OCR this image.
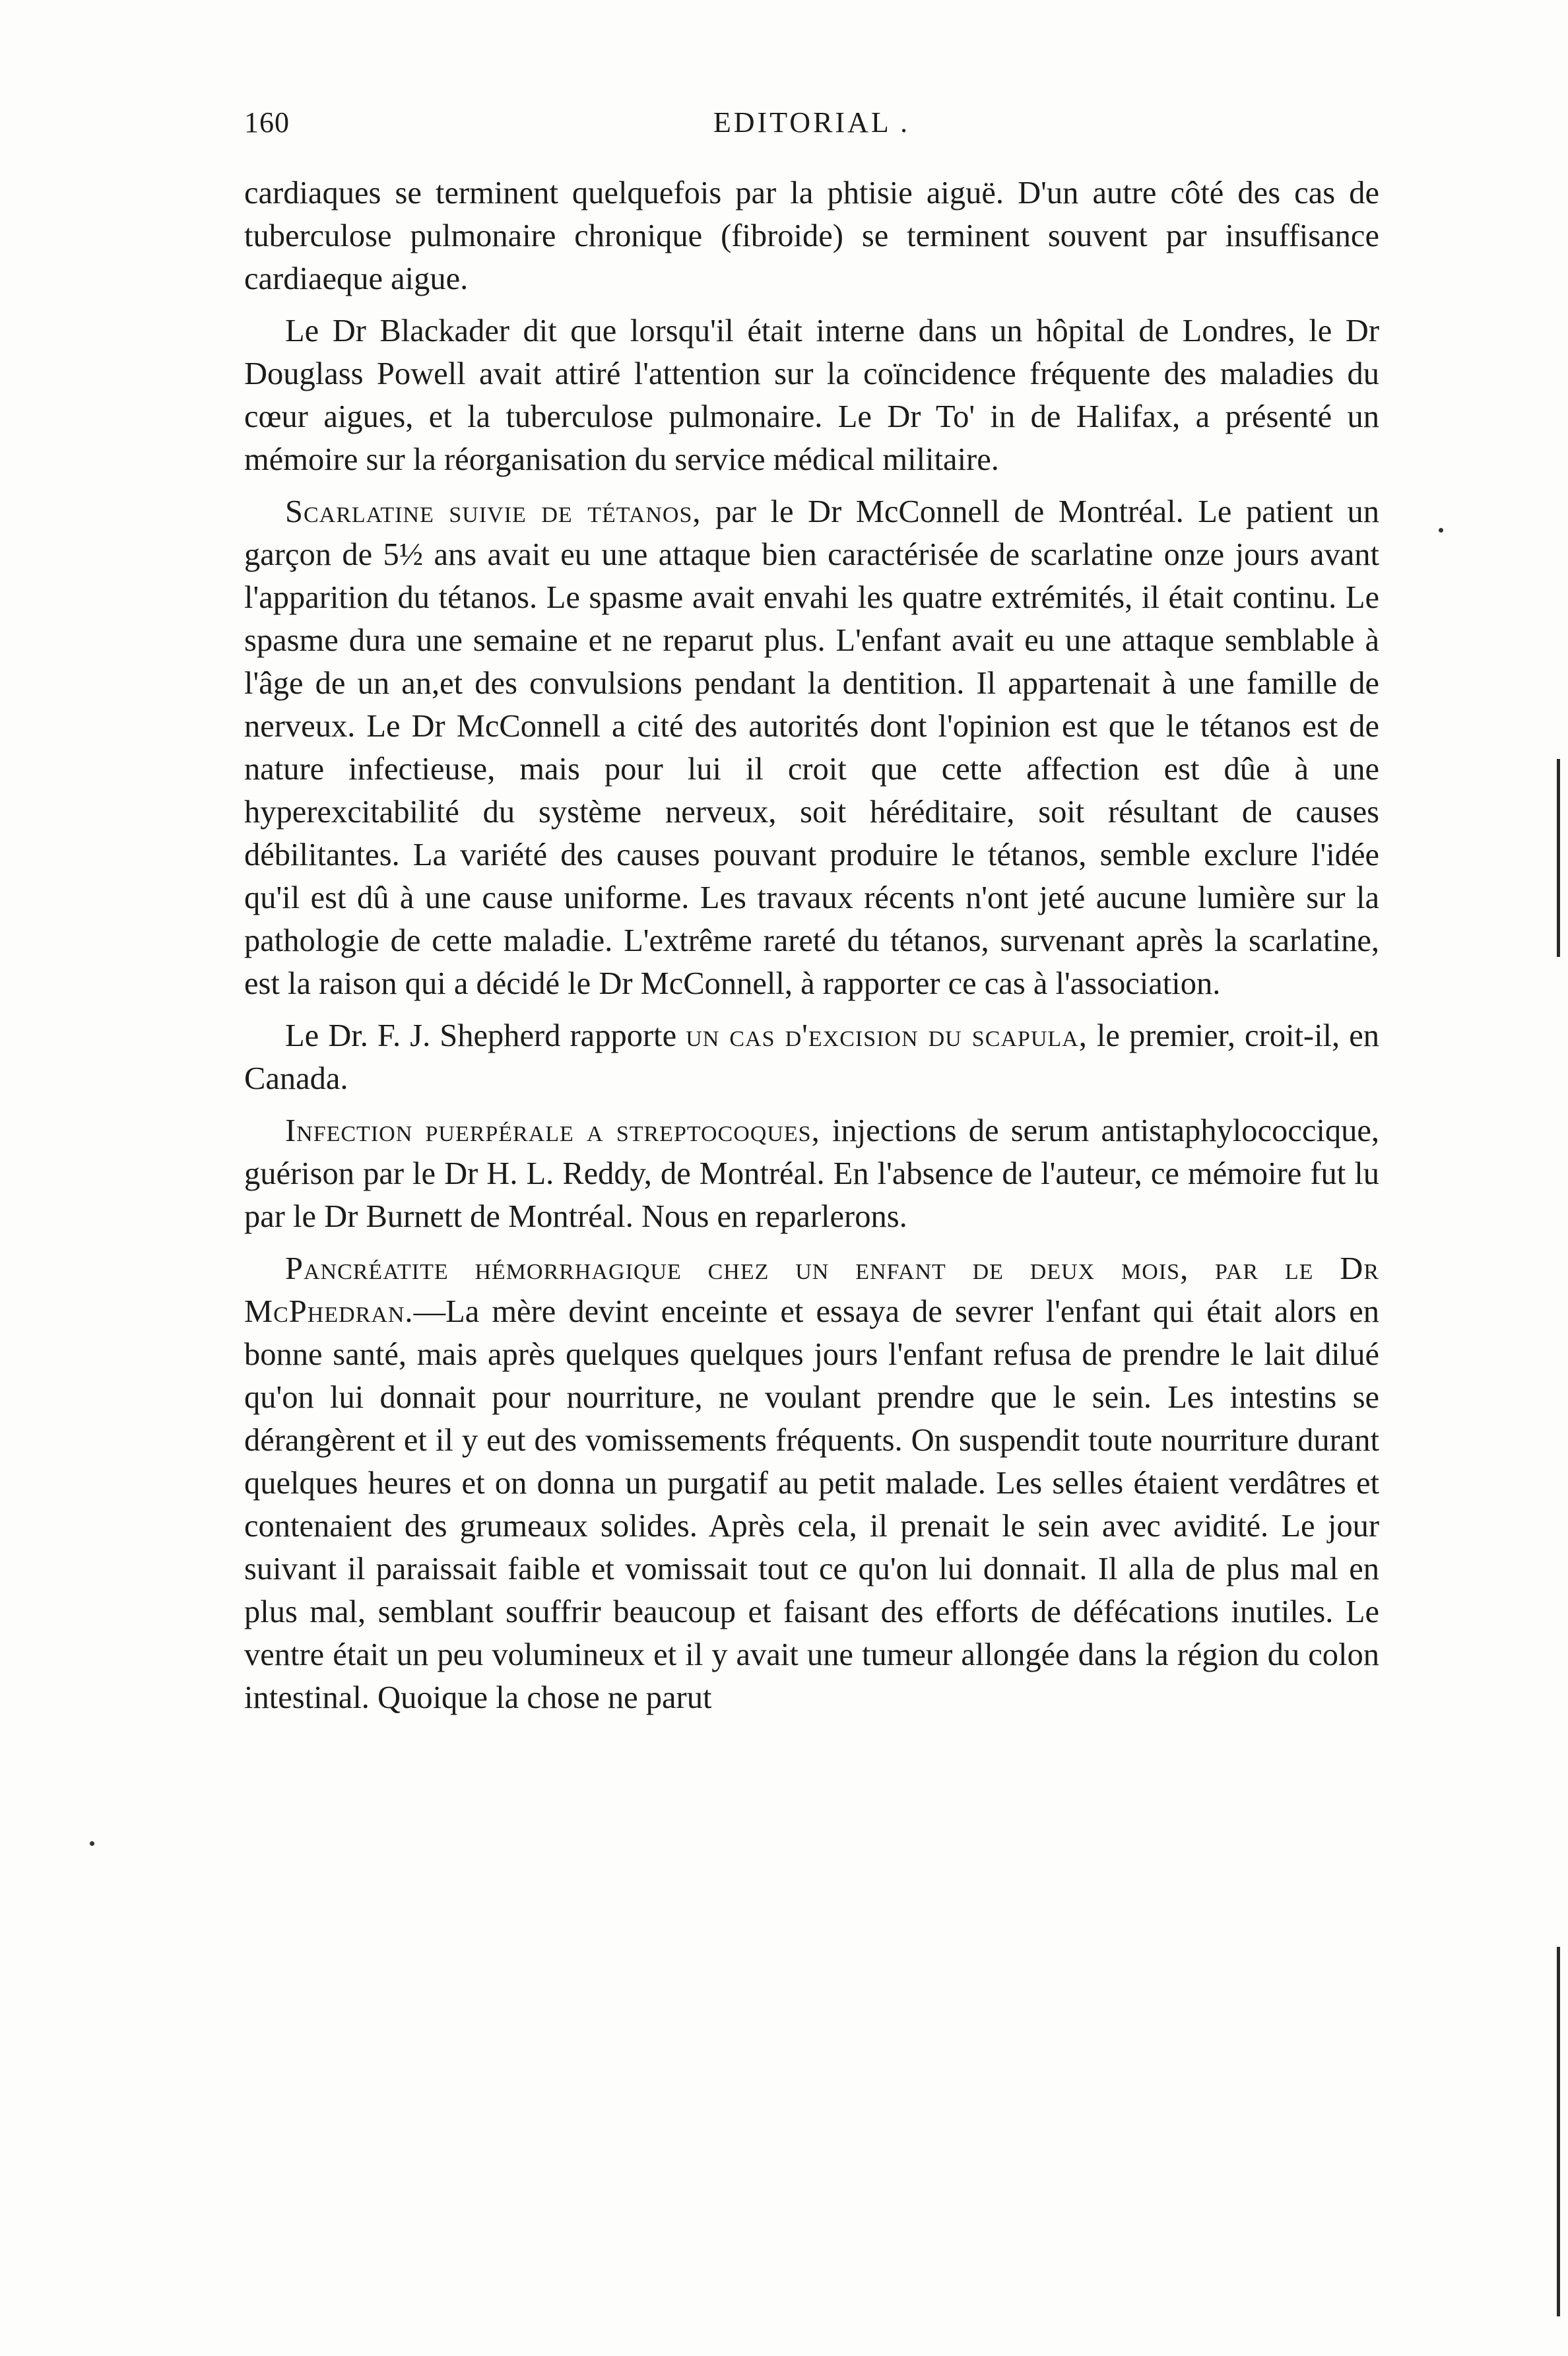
160	EDITORIAL .

cardiaques se terminent quelquefois par la phtisie aiguë. D'un autre côté des cas de tuberculose pulmonaire chronique (fibroide) se terminent souvent par insuffisance cardiaeque aigue.

Le Dr Blackader dit que lorsqu'il était interne dans un hôpital de Londres, le Dr Douglass Powell avait attiré l'attention sur la coïncidence fréquente des maladies du cœur aigues, et la tuberculose pulmonaire. Le Dr To' in de Halifax, a présenté un mémoire sur la réorganisation du service médical militaire.

Scarlatine suivie de tétanos, par le Dr McConnell de Montréal. Le patient un garçon de 5½ ans avait eu une attaque bien caractérisée de scarlatine onze jours avant l'apparition du tétanos. Le spasme avait envahi les quatre extrémités, il était continu. Le spasme dura une semaine et ne reparut plus. L'enfant avait eu une attaque semblable à l'âge de un an,et des convulsions pendant la dentition. Il appartenait à une famille de nerveux. Le Dr McConnell a cité des autorités dont l'opinion est que le tétanos est de nature infectieuse, mais pour lui il croit que cette affection est dûe à une hyperexcitabilité du système nerveux, soit héréditaire, soit résultant de causes débilitantes. La variété des causes pouvant produire le tétanos, semble exclure l'idée qu'il est dû à une cause uniforme. Les travaux récents n'ont jeté aucune lumière sur la pathologie de cette maladie. L'extrême rareté du tétanos, survenant après la scarlatine, est la raison qui a décidé le Dr McConnell, à rapporter ce cas à l'association.

Le Dr. F. J. Shepherd rapporte un cas d'excision du scapula, le premier, croit-il, en Canada.

Infection puerpérale a streptocoques, injections de serum antistaphylococcique, guérison par le Dr H. L. Reddy, de Montréal. En l'absence de l'auteur, ce mémoire fut lu par le Dr Burnett de Montréal. Nous en reparlerons.

Pancréatite hémorrhagique chez un enfant de deux mois, par le Dr McPhedran.—La mère devint enceinte et essaya de sevrer l'enfant qui était alors en bonne santé, mais après quelques quelques jours l'enfant refusa de prendre le lait dilué qu'on lui donnait pour nourriture, ne voulant prendre que le sein. Les intestins se dérangèrent et il y eut des vomissements fréquents. On suspendit toute nourriture durant quelques heures et on donna un purgatif au petit malade. Les selles étaient verdâtres et contenaient des grumeaux solides. Après cela, il prenait le sein avec avidité. Le jour suivant il paraissait faible et vomissait tout ce qu'on lui donnait. Il alla de plus mal en plus mal, semblant souffrir beaucoup et faisant des efforts de défécations inutiles. Le ventre était un peu volumineux et il y avait une tumeur allongée dans la région du colon intestinal. Quoique la chose ne parut
